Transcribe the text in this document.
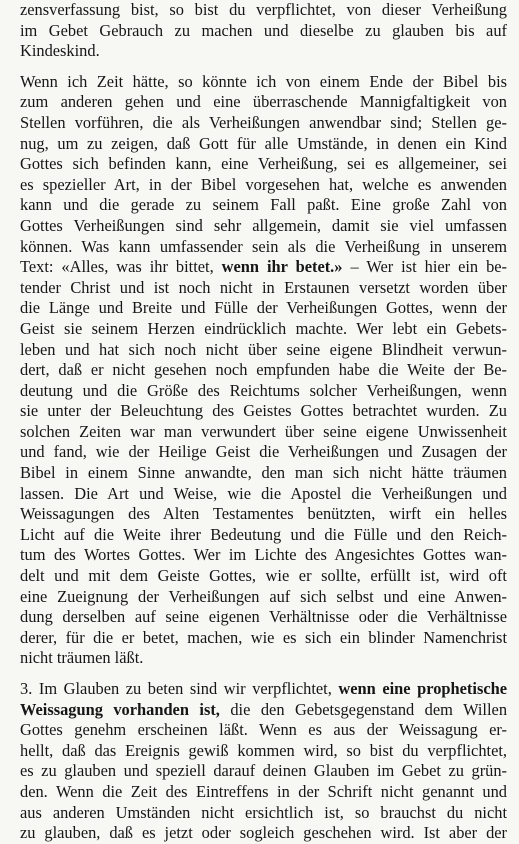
zensverfassung bist, so bist du verpflichtet, von dieser Verheißung
im Gebet Gebrauch zu machen und dieselbe zu glauben bis auf
Kindeskind.
Wenn ich Zeit hätte, so könnte ich von einem Ende der Bibel bis
zum anderen gehen und eine überraschende Mannigfaltigkeit von
Stellen vorführen, die als Verheißungen anwendbar sind; Stellen ge-
nug, um zu zeigen, daß Gott für alle Umstände, in denen ein Kind
Gottes sich befinden kann, eine Verheißung, sei es allgemeiner, sei
es spezieller Art, in der Bibel vorgesehen hat, welche es anwenden
kann und die gerade zu seinem Fall paßt. Eine große Zahl von
Gottes Verheißungen sind sehr allgemein, damit sie viel umfassen
können. Was kann umfassender sein als die Verheißung in unserem
Text: «Alles, was ihr bittet, wenn ihr betet.» – Wer ist hier ein be-
tender Christ und ist noch nicht in Erstaunen versetzt worden über
die Länge und Breite und Fülle der Verheißungen Gottes, wenn der
Geist sie seinem Herzen eindrücklich machte. Wer lebt ein Gebets-
leben und hat sich noch nicht über seine eigene Blindheit verwun-
dert, daß er nicht gesehen noch empfunden habe die Weite der Be-
deutung und die Größe des Reichtums solcher Verheißungen, wenn
sie unter der Beleuchtung des Geistes Gottes betrachtet wurden. Zu
solchen Zeiten war man verwundert über seine eigene Unwissenheit
und fand, wie der Heilige Geist die Verheißungen und Zusagen der
Bibel in einem Sinne anwandte, den man sich nicht hätte träumen
lassen. Die Art und Weise, wie die Apostel die Verheißungen und
Weissagungen des Alten Testamentes benützten, wirft ein helles
Licht auf die Weite ihrer Bedeutung und die Fülle und den Reich-
tum des Wortes Gottes. Wer im Lichte des Angesichtes Gottes wan-
delt und mit dem Geiste Gottes, wie er sollte, erfüllt ist, wird oft
eine Zueignung der Verheißungen auf sich selbst und eine Anwen-
dung derselben auf seine eigenen Verhältnisse oder die Verhältnisse
derer, für die er betet, machen, wie es sich ein blinder Namenchrist
nicht träumen läßt.
3. Im Glauben zu beten sind wir verpflichtet, wenn eine prophetische
Weissagung vorhanden ist, die den Gebetsgegenstand dem Willen
Gottes genehm erscheinen läßt. Wenn es aus der Weissagung er-
hellt, daß das Ereignis gewiß kommen wird, so bist du verpflichtet,
es zu glauben und speziell darauf deinen Glauben im Gebet zu grün-
den. Wenn die Zeit des Eintreffens in der Schrift nicht genannt und
aus anderen Umständen nicht ersichtlich ist, so brauchst du nicht
zu glauben, daß es jetzt oder sogleich geschehen wird. Ist aber der
